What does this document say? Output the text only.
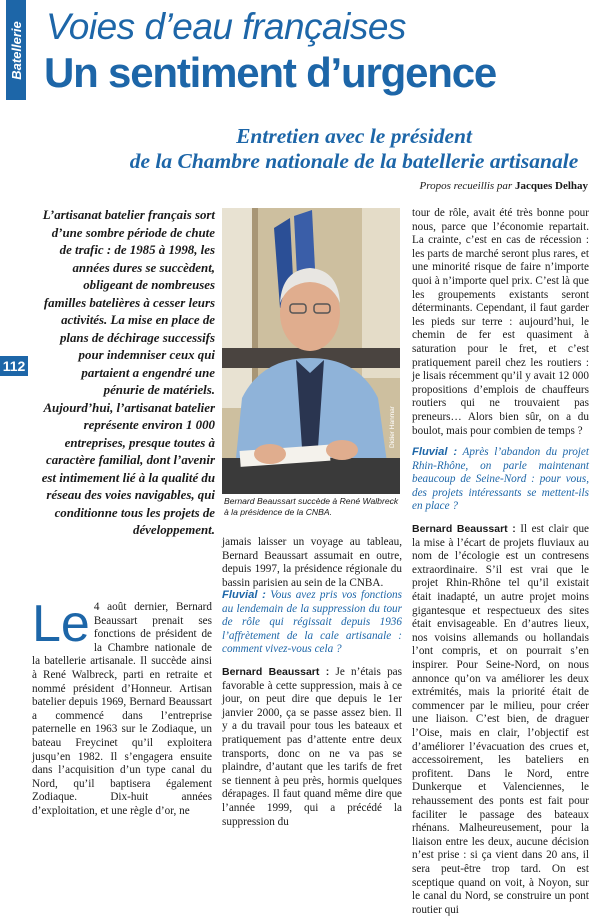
Batellerie Voies d’eau françaises
Un sentiment d’urgence
Entretien avec le président
de la Chambre nationale de la batellerie artisanale
Propos recueillis par Jacques Delhay
112
L’artisanat batelier français sort d’une sombre période de chute de trafic : de 1985 à 1998, les années dures se succèdent, obligeant de nombreuses familles batelières à cesser leurs activités. La mise en place de plans de déchirage successifs pour indemniser ceux qui partaient a engendré une pénurie de matériels. Aujourd’hui, l’artisanat batelier représente environ 1 000 entreprises, presque toutes à caractère familial, dont l’avenir est intimement lié à la qualité du réseau des voies navigables, qui conditionne tous les projets de développement.

Le 4 août dernier, Bernard Beaussart prenait ses fonctions de président de la Chambre nationale de la batellerie artisanale. Il succède ainsi à René Walbreck, parti en retraite et nommé président d’Honneur. Artisan batelier depuis 1969, Bernard Beaussart a commencé dans l’entreprise paternelle en 1963 sur le Zodiaque, un bateau Freycinet qu’il exploitera jusqu’en 1982. Il s’engagera ensuite dans l’acquisition d’un type canal du Nord, qu’il baptisera également Zodiaque. Dix-huit années d’exploitation, et une règle d’or, ne

Didier Hanmar
Bernard Beaussart succède à René Walbreck à la présidence de la CNBA.

jamais laisser un voyage au tableau, Bernard Beaussart assumait en outre, depuis 1997, la présidence régionale du bassin parisien au sein de la CNBA.

Fluvial : Vous avez pris vos fonctions au lendemain de la suppression du tour de rôle qui régissait depuis 1936 l’affrètement de la cale artisanale : comment vivez-vous cela ?

Bernard Beaussart : Je n’étais pas favorable à cette suppression, mais à ce jour, on peut dire que depuis le 1er janvier 2000, ça se passe assez bien. Il y a du travail pour tous les bateaux et pratiquement pas d’attente entre deux transports, donc on ne va pas se plaindre, d’autant que les tarifs de fret se tiennent à peu près, hormis quelques dérapages. Il faut quand même dire que l’année 1999, qui a précédé la suppression du

tour de rôle, avait été très bonne pour nous, parce que l’économie repartait. La crainte, c’est en cas de récession : les parts de marché seront plus rares, et une minorité risque de faire n’importe quoi à n’importe quel prix. C’est là que les groupements existants seront déterminants. Cependant, il faut garder les pieds sur terre : aujourd’hui, le chemin de fer est quasiment à saturation pour le fret, et c’est pratiquement pareil chez les routiers : je lisais récemment qu’il y avait 12 000 propositions d’emplois de chauffeurs routiers qui ne trouvaient pas preneurs… Alors bien sûr, on a du boulot, mais pour combien de temps ?

Fluvial : Après l’abandon du projet Rhin-Rhône, on parle maintenant beaucoup de Seine-Nord : pour vous, des projets intéressants se mettent-ils en place ?

Bernard Beaussart : Il est clair que la mise à l’écart de projets fluviaux au nom de l’écologie est un contresens extraordinaire. S’il est vrai que le projet Rhin-Rhône tel qu’il existait était inadapté, un autre projet moins gigantesque et respectueux des sites était envisageable. En d’autres lieux, nos voisins allemands ou hollandais l’ont compris, et on pourrait s’en inspirer. Pour Seine-Nord, on nous annonce qu’on va améliorer les deux extrémités, mais la priorité était de commencer par le milieu, pour créer une liaison. C’est bien, de draguer l’Oise, mais en clair, l’objectif est d’améliorer l’évacuation des crues et, accessoirement, les bateliers en profitent. Dans le Nord, entre Dunkerque et Valenciennes, le rehaussement des ponts est fait pour faciliter le passage des bateaux rhénans. Malheureusement, pour la liaison entre les deux, aucune décision n’est prise : si ça vient dans 20 ans, il sera peut-être trop tard. On est sceptique quand on voit, à Noyon, sur le canal du Nord, se construire un pont routier qui
